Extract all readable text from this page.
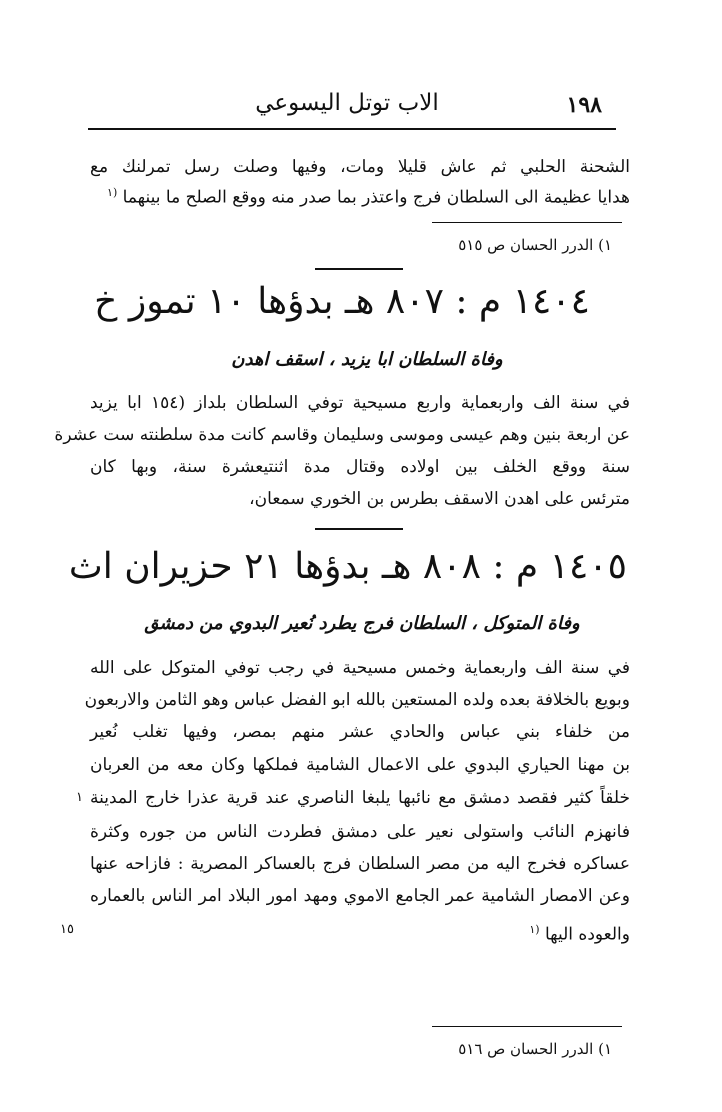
١٩٨
الاب توتل اليسوعي
الشحنة الحلبي ثم عاش قليلا ومات، وفيها وصلت رسل تمرلنك مع
هدايا عظيمة الى السلطان فرج واعتذر بما صدر منه ووقع الصلح ما بينهما $^{(١}$
١) الدرر الحسان ص ٥١٥
١٤٠٤ م : ٨٠٧ هـ بدؤها ١٠ تموز خ
وفاة السلطان ابا يزيد ، اسقف اهدن
في سنة الف واربعماية واربع مسيحية توفي السلطان بلداز (١٥٤ ابا يزيد
عن اربعة بنين وهم عيسى وموسى وسليمان وقاسم كانت مدة سلطنته ست عشرة
سنة ووقع الخلف بين اولاده وقتال مدة اثنتيعشرة سنة، وبها كان
مترئس على اهدن الاسقف بطرس بن الخوري سمعان،
١٤٠٥ م : ٨٠٨ هـ بدؤها ٢١ حزيران اث
وفاة المتوكل ، السلطان فرج يطرد نُعير البدوي من دمشق
في سنة الف واربعماية وخمس مسيحية في رجب توفي المتوكل على الله
وبويع بالخلافة بعده ولده المستعين بالله ابو الفضل عباس وهو الثامن والاربعون
من خلفاء بني عباس والحادي عشر منهم بمصر، وفيها تغلب نُعير
بن مهنا الحياري البدوي على الاعمال الشامية فملكها وكان معه من العربان
خلقاً كثير فقصد دمشق مع نائبها يلبغا الناصري عند قرية عذرا خارج المدينة
١
فانهزم النائب واستولى نعير على دمشق فطردت الناس من جوره وكثرة
عساكره فخرج اليه من مصر السلطان فرج بالعساكر المصرية : فازاحه عنها
وعن الامصار الشامية عمر الجامع الاموي ومهد امور البلاد امر الناس بالعماره
والعوده اليها $^{(١}$
١٥
١) الدرر الحسان ص ٥١٦
